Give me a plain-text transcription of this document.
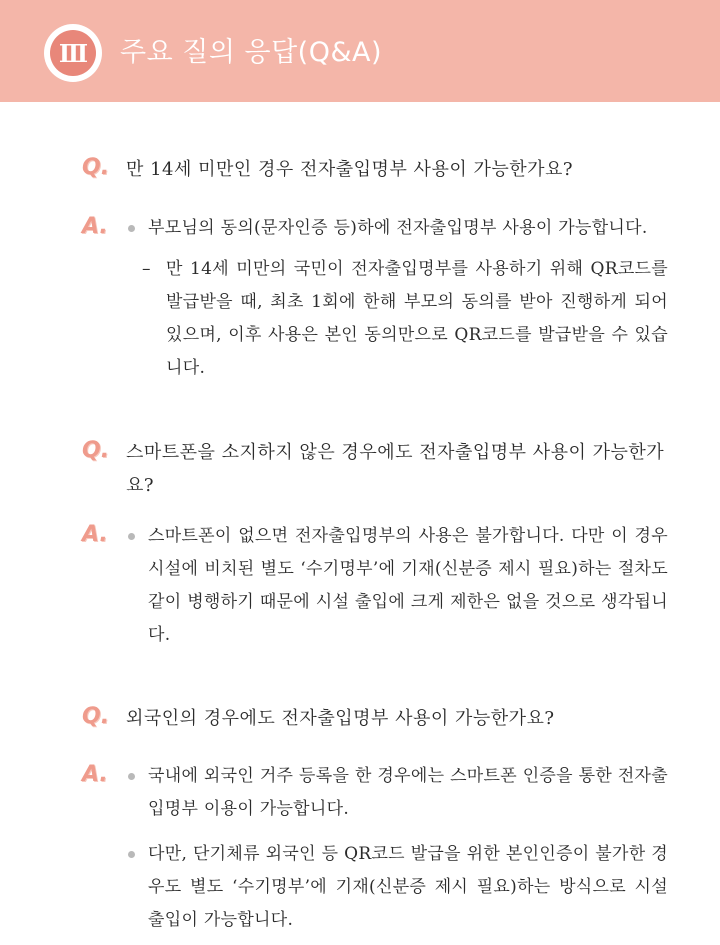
Ⅲ	주요 질의 응답(Q&A)
Q. 만 14세 미만인 경우 전자출입명부 사용이 가능한가요?
A.	부모님의 동의(문자인증 등)하에 전자출입명부 사용이 가능합니다.
– 만 14세 미만의 국민이 전자출입명부를 사용하기 위해 QR코드를 발급받을 때, 최초 1회에 한해 부모의 동의를 받아 진행하게 되어 있으며, 이후 사용은 본인 동의만으로 QR코드를 발급받을 수 있습니다.
Q. 스마트폰을 소지하지 않은 경우에도 전자출입명부 사용이 가능한가요?
A.	스마트폰이 없으면 전자출입명부의 사용은 불가합니다. 다만 이 경우 시설에 비치된 별도 ‘수기명부’에 기재(신분증 제시 필요)하는 절차도 같이 병행하기 때문에 시설 출입에 크게 제한은 없을 것으로 생각됩니다.
Q. 외국인의 경우에도 전자출입명부 사용이 가능한가요?
A.	국내에 외국인 거주 등록을 한 경우에는 스마트폰 인증을 통한 전자출입명부 이용이 가능합니다.
다만, 단기체류 외국인 등 QR코드 발급을 위한 본인인증이 불가한 경우도 별도 ‘수기명부’에 기재(신분증 제시 필요)하는 방식으로 시설 출입이 가능합니다.
